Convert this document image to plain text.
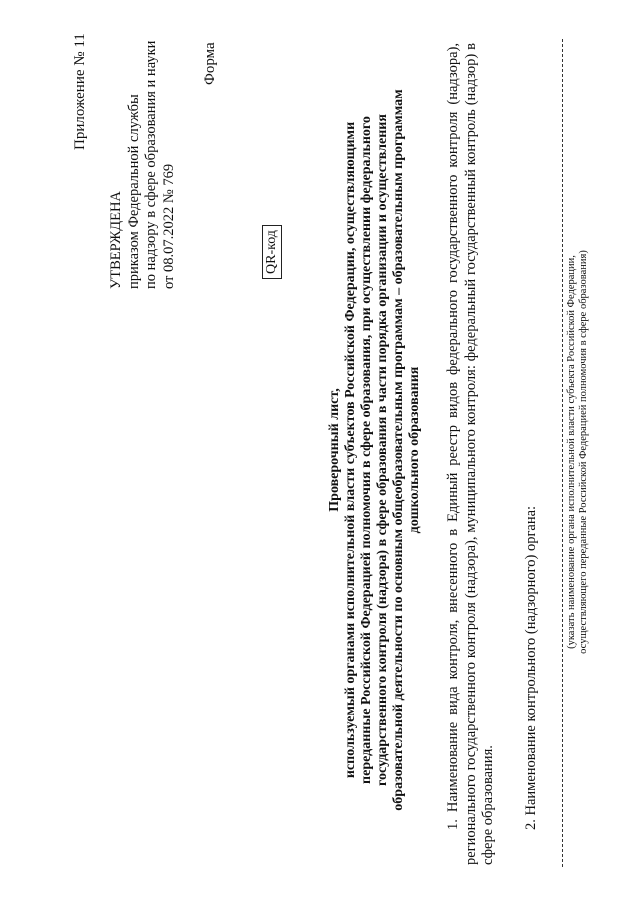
Приложение № 11
УТВЕРЖДЕНА приказом Федеральной службы по надзору в сфере образования и науки от 08.07.2022 № 769
Форма
QR-код
Проверочный лист, используемый органами исполнительной власти субъектов Российской Федерации, осуществляющими переданные Российской Федерацией полномочия в сфере образования, при осуществлении федерального государственного контроля (надзора) в сфере образования в части порядка организации и осуществления образовательной деятельности по основным общеобразовательным программам – образовательным программам дошкольного образования 1. Наименование вида контроля, внесенного в Единый реестр видов федерального государственного контроля (надзора), регионального государственного контроля (надзора), муниципального контроля: федеральный государственный контроль (надзор) в сфере образования. 2. Наименование контрольного (надзорного) органа:
(указать наименование органа исполнительной власти субъекта Российской Федерации, осуществляющего переданные Российской Федерацией полномочия в сфере образования)
